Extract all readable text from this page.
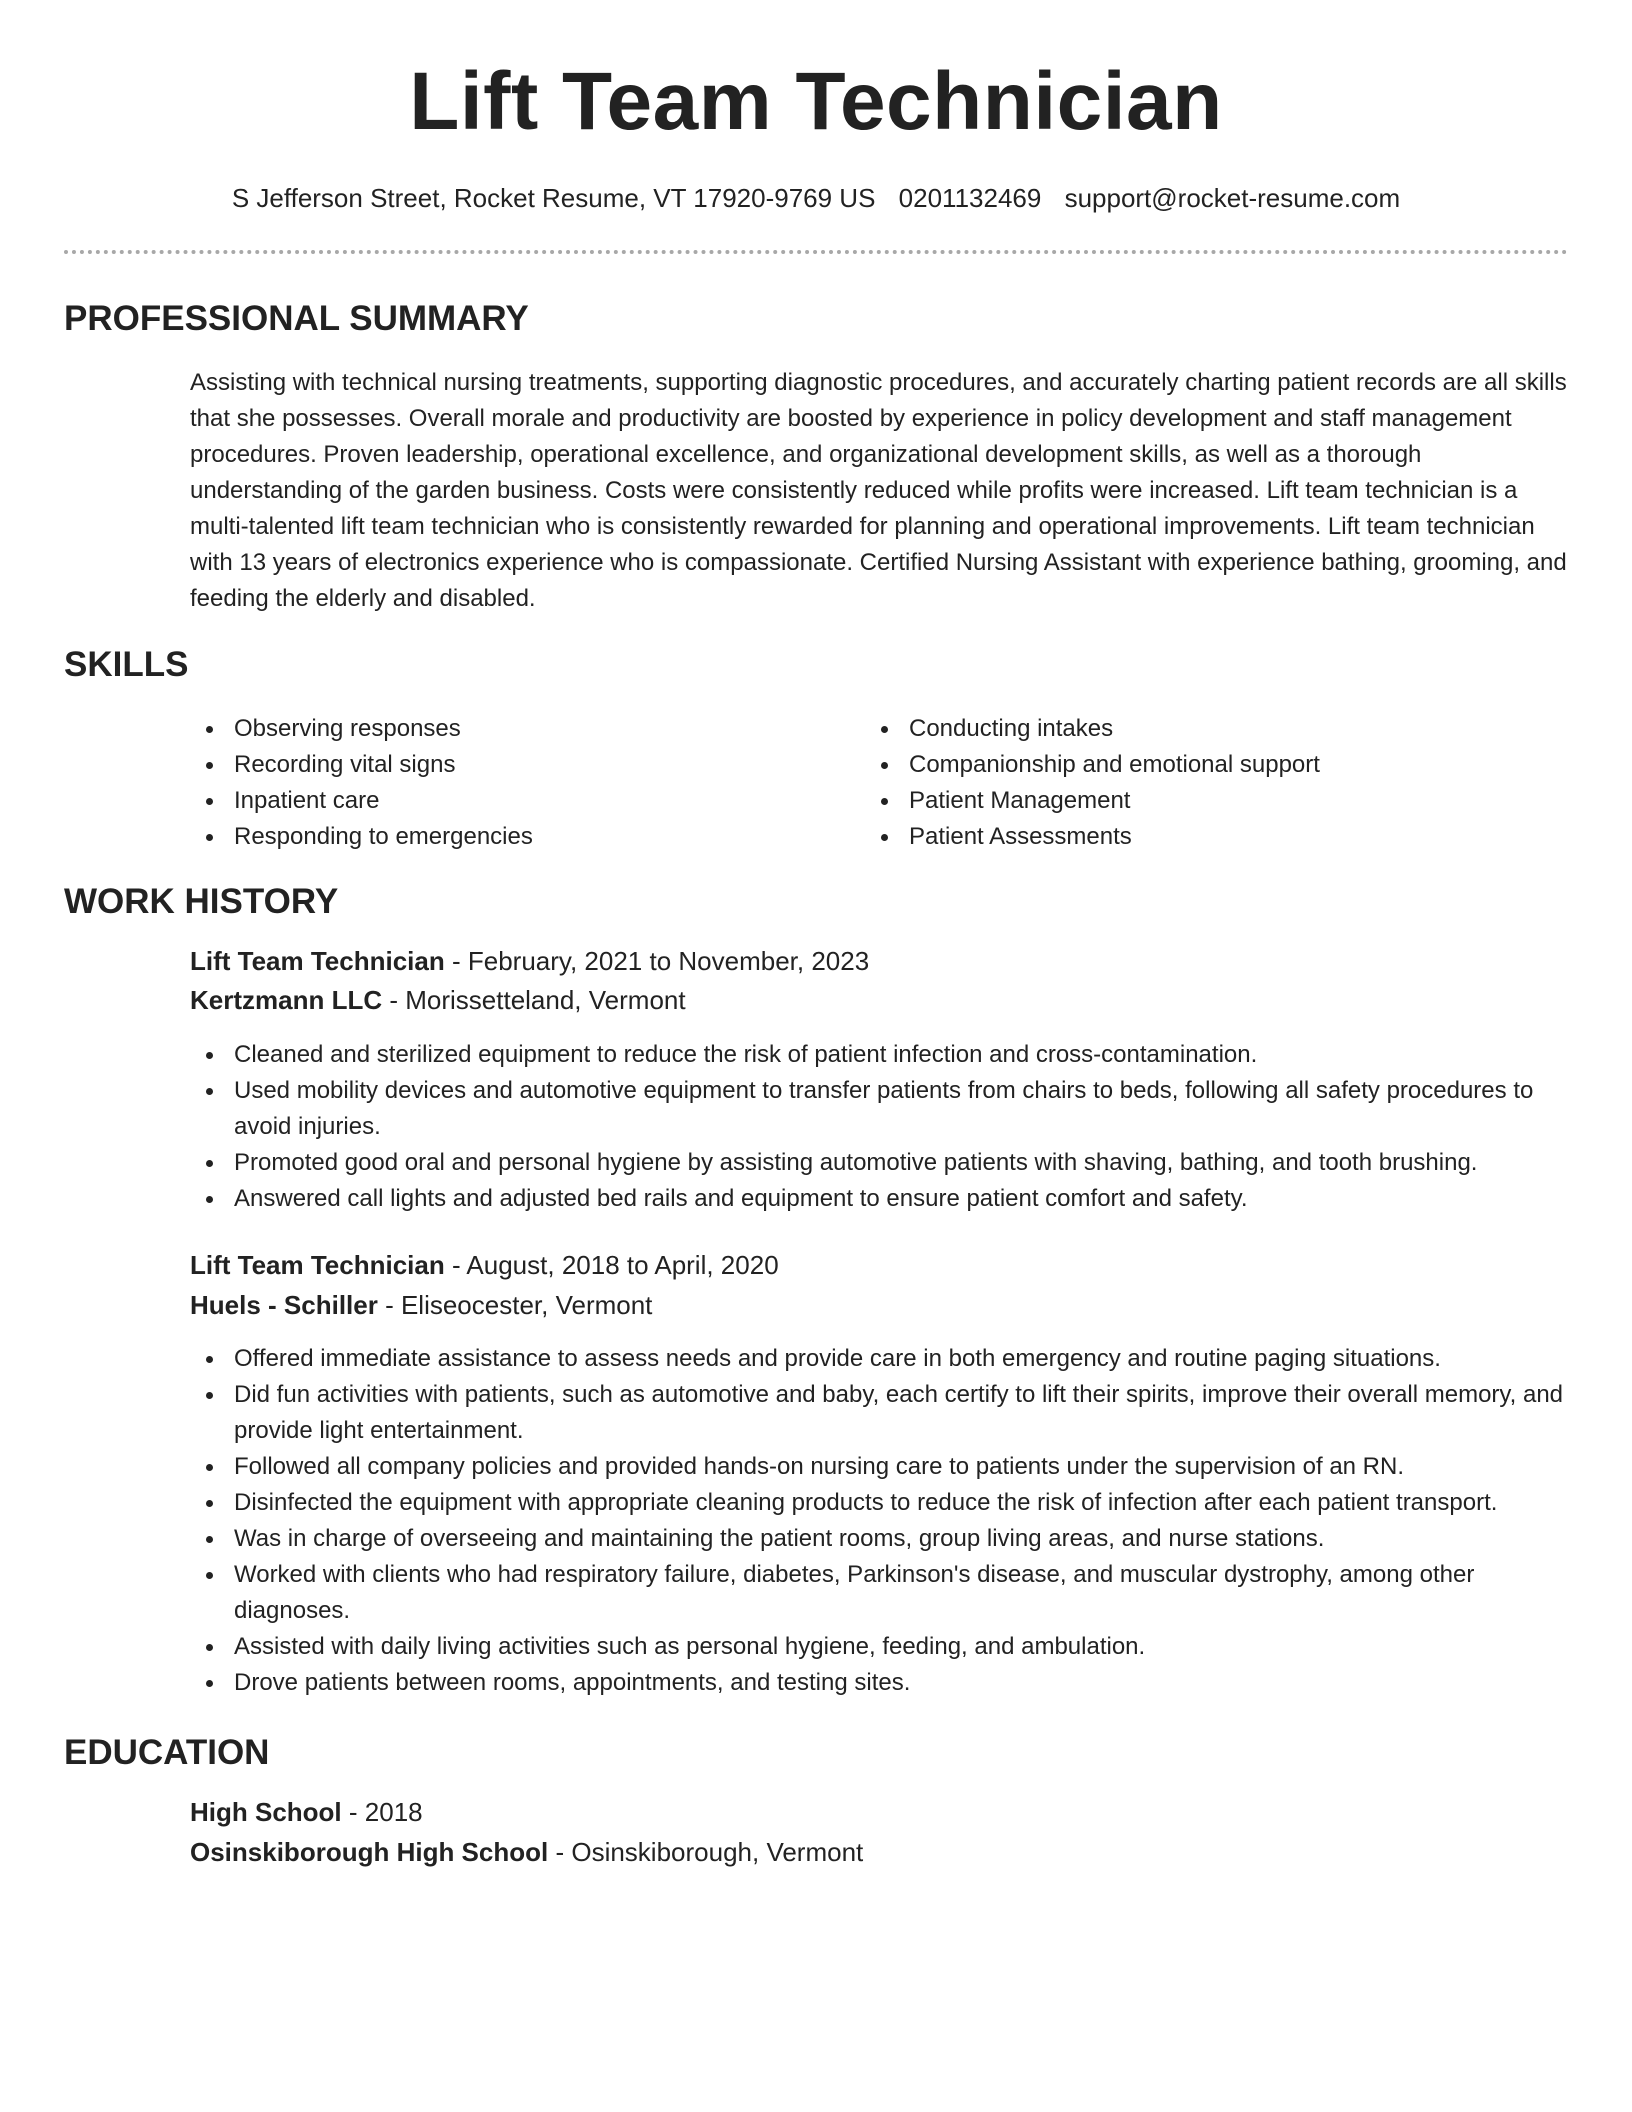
Lift Team Technician
S Jefferson Street, Rocket Resume, VT 17920-9769 US 0201132469 support@rocket-resume.com
PROFESSIONAL SUMMARY
Assisting with technical nursing treatments, supporting diagnostic procedures, and accurately charting patient records are all skills that she possesses. Overall morale and productivity are boosted by experience in policy development and staff management procedures. Proven leadership, operational excellence, and organizational development skills, as well as a thorough understanding of the garden business. Costs were consistently reduced while profits were increased. Lift team technician is a multi-talented lift team technician who is consistently rewarded for planning and operational improvements. Lift team technician with 13 years of electronics experience who is compassionate. Certified Nursing Assistant with experience bathing, grooming, and feeding the elderly and disabled.
SKILLS
Observing responses
Recording vital signs
Inpatient care
Responding to emergencies
Conducting intakes
Companionship and emotional support
Patient Management
Patient Assessments
WORK HISTORY
Lift Team Technician - February, 2021 to November, 2023
Kertzmann LLC - Morissetteland, Vermont
Cleaned and sterilized equipment to reduce the risk of patient infection and cross-contamination.
Used mobility devices and automotive equipment to transfer patients from chairs to beds, following all safety procedures to avoid injuries.
Promoted good oral and personal hygiene by assisting automotive patients with shaving, bathing, and tooth brushing.
Answered call lights and adjusted bed rails and equipment to ensure patient comfort and safety.
Lift Team Technician - August, 2018 to April, 2020
Huels - Schiller - Eliseocester, Vermont
Offered immediate assistance to assess needs and provide care in both emergency and routine paging situations.
Did fun activities with patients, such as automotive and baby, each certify to lift their spirits, improve their overall memory, and provide light entertainment.
Followed all company policies and provided hands-on nursing care to patients under the supervision of an RN.
Disinfected the equipment with appropriate cleaning products to reduce the risk of infection after each patient transport.
Was in charge of overseeing and maintaining the patient rooms, group living areas, and nurse stations.
Worked with clients who had respiratory failure, diabetes, Parkinson's disease, and muscular dystrophy, among other diagnoses.
Assisted with daily living activities such as personal hygiene, feeding, and ambulation.
Drove patients between rooms, appointments, and testing sites.
EDUCATION
High School - 2018
Osinskiborough High School - Osinskiborough, Vermont
